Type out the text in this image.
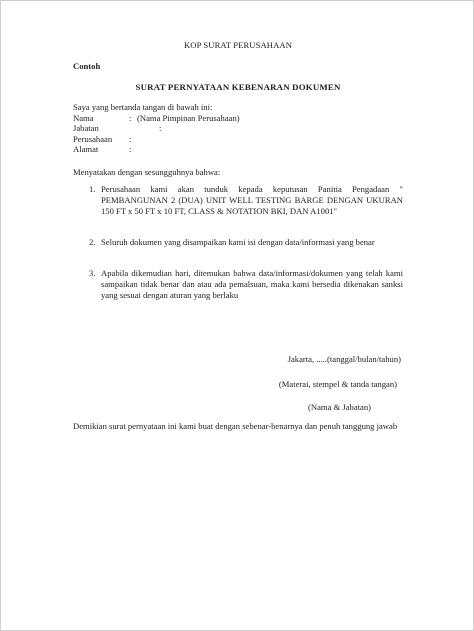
KOP SURAT PERUSAHAAN
Contoh
SURAT PERNYATAAN KEBENARAN DOKUMEN
Saya yang bertanda tangan di bawah ini:
Nama	: (Nama Pimpinan Perusahaan)
Jabatan	:
Perusahaan :
Alamat	:
Menyatakan dengan sesungguhnya bahwa:
1. Perusahaan kami akan tunduk kepada keputusan Panitia Pengadaan " PEMBANGUNAN 2 (DUA) UNIT WELL TESTING BARGE DENGAN UKURAN 150 FT x 50 FT x 10 FT, CLASS & NOTATION BKI, DAN A1001"
2. Seluruh dokumen yang disampaikan kami isi dengan data/informasi yang benar
3. Apabila dikemudian hari, ditemukan bahwa data/informasi/dokumen yang telah kami sampaikan tidak benar dan atau ada pemalsuan, maka kami bersedia dikenakan sanksi yang sesuai dengan aturan yang berlaku
Demikian surat pernyataan ini kami buat dengan sebenar-benarnya dan penuh tanggung jawab
Jakarta, .....(tanggal/bulan/tahun)
(Materai, stempel & tanda tangan)
(Nama & Jabatan)
